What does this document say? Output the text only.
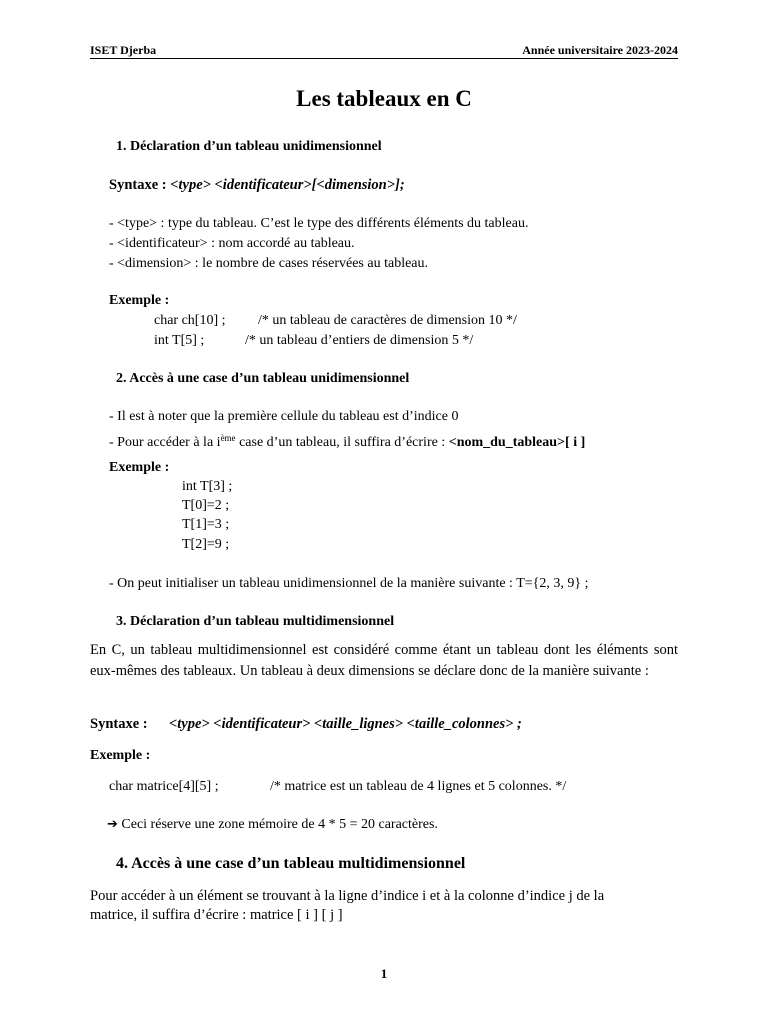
ISET Djerba	Année universitaire 2023-2024
Les tableaux en C
1. Déclaration d’un tableau unidimensionnel
Syntaxe : <type> <identificateur>[<dimension>];
- <type> : type du tableau. C’est le type des différents éléments du tableau.
- <identificateur> : nom accordé au tableau.
- <dimension> : le nombre de cases réservées au tableau.
Exemple :
char ch[10] ; /* un tableau de caractères de dimension 10 */
int T[5] ;	/* un tableau d’entiers de dimension 5 */
2. Accès à une case d’un tableau unidimensionnel
- Il est à noter que la première cellule du tableau est d’indice 0
- Pour accéder à la $i^{ème}$ case d’un tableau, il suffira d’écrire : <nom_du_tableau>[ i ]
Exemple :
int T[3] ;
T[0]=2 ;
T[1]=3 ;
T[2]=9 ;
- On peut initialiser un tableau unidimensionnel de la manière suivante : T={2, 3, 9} ;
3. Déclaration d’un tableau multidimensionnel
En C, un tableau multidimensionnel est considéré comme étant un tableau dont les éléments sont eux-mêmes des tableaux. Un tableau à deux dimensions se déclare donc de la manière suivante :
Syntaxe : <type> <identificateur> <taille_lignes> <taille_colonnes> ;
Exemple :
char matrice[4][5] ;	/* matrice est un tableau de 4 lignes et 5 colonnes. */
➔ Ceci réserve une zone mémoire de 4 * 5 = 20 caractères.
4. Accès à une case d’un tableau multidimensionnel
Pour accéder à un élément se trouvant à la ligne d’indice i et à la colonne d’indice j de la
matrice, il suffira d’écrire : matrice [ i ] [ j ]
1
